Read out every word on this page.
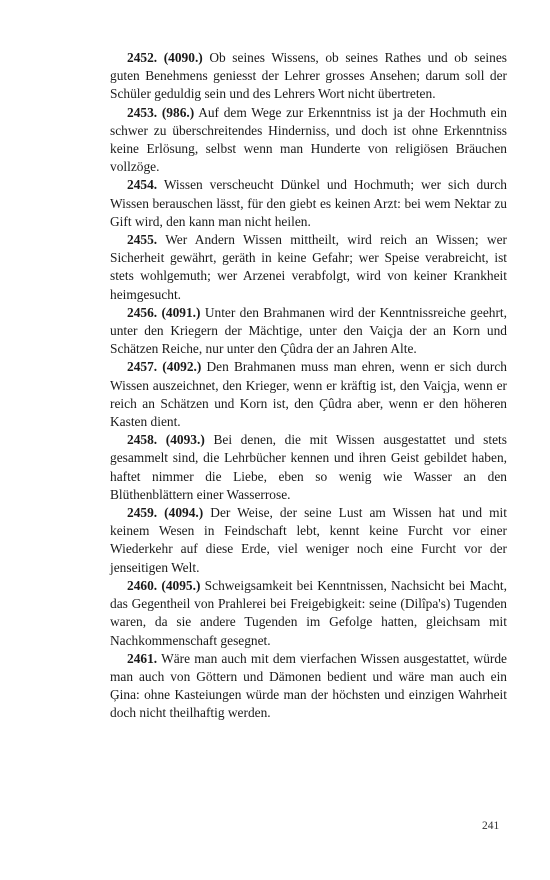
2452. (4090.) Ob seines Wissens, ob seines Rathes und ob seines guten Benehmens geniesst der Lehrer grosses Ansehen; darum soll der Schüler geduldig sein und des Lehrers Wort nicht übertreten.

2453. (986.) Auf dem Wege zur Erkenntniss ist ja der Hochmuth ein schwer zu überschreitendes Hinderniss, und doch ist ohne Erkenntniss keine Erlösung, selbst wenn man Hunderte von religiösen Bräuchen vollzöge.

2454. Wissen verscheucht Dünkel und Hochmuth; wer sich durch Wissen berauschen lässt, für den giebt es keinen Arzt: bei wem Nektar zu Gift wird, den kann man nicht heilen.

2455. Wer Andern Wissen mittheilt, wird reich an Wissen; wer Sicherheit gewährt, geräth in keine Gefahr; wer Speise verabreicht, ist stets wohlgemuth; wer Arzenei verabfolgt, wird von keiner Krankheit heimgesucht.

2456. (4091.) Unter den Brahmanen wird der Kenntnissreiche geehrt, unter den Kriegern der Mächtige, unter den Vaiçja der an Korn und Schätzen Reiche, nur unter den Çûdra der an Jahren Alte.

2457. (4092.) Den Brahmanen muss man ehren, wenn er sich durch Wissen auszeichnet, den Krieger, wenn er kräftig ist, den Vaiçja, wenn er reich an Schätzen und Korn ist, den Çûdra aber, wenn er den höheren Kasten dient.

2458. (4093.) Bei denen, die mit Wissen ausgestattet und stets gesammelt sind, die Lehrbücher kennen und ihren Geist gebildet haben, haftet nimmer die Liebe, eben so wenig wie Wasser an den Blüthenblättern einer Wasserrose.

2459. (4094.) Der Weise, der seine Lust am Wissen hat und mit keinem Wesen in Feindschaft lebt, kennt keine Furcht vor einer Wiederkehr auf diese Erde, viel weniger noch eine Furcht vor der jenseitigen Welt.

2460. (4095.) Schweigsamkeit bei Kenntnissen, Nachsicht bei Macht, das Gegentheil von Prahlerei bei Freigebigkeit: seine (Dilîpa's) Tugenden waren, da sie andere Tugenden im Gefolge hatten, gleichsam mit Nachkommenschaft gesegnet.

2461. Wäre man auch mit dem vierfachen Wissen ausgestattet, würde man auch von Göttern und Dämonen bedient und wäre man auch ein Ģina: ohne Kasteiungen würde man der höchsten und einzigen Wahrheit doch nicht theilhaftig werden.

241
